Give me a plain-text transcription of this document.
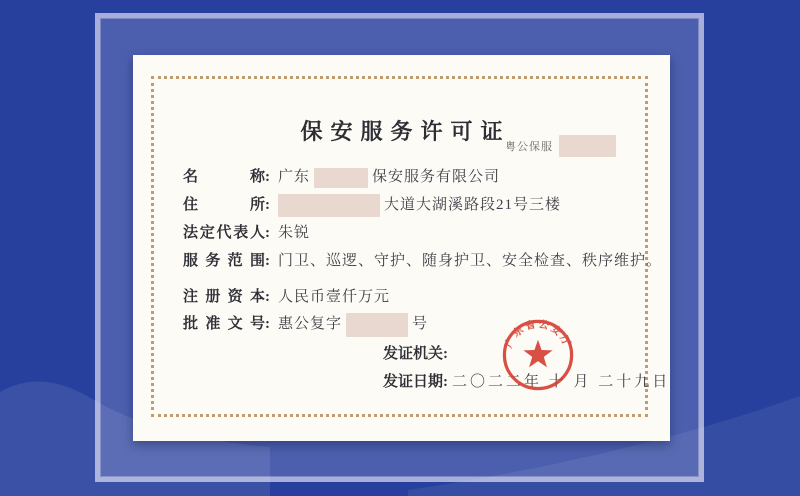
保安服务许可证
粤公保服
名称: 广东	保安服务有限公司
住所:	大道大湖溪路段21号三楼
法定代表人: 朱锐
服务范围: 门卫、巡逻、守护、随身护卫、安全检查、秩序维护。
注册资本: 人民币壹仟万元
批准文号: 惠公复字	号
发证机关:
发证日期: 二〇二二年 十 月 二十九日
广东省公安厅
